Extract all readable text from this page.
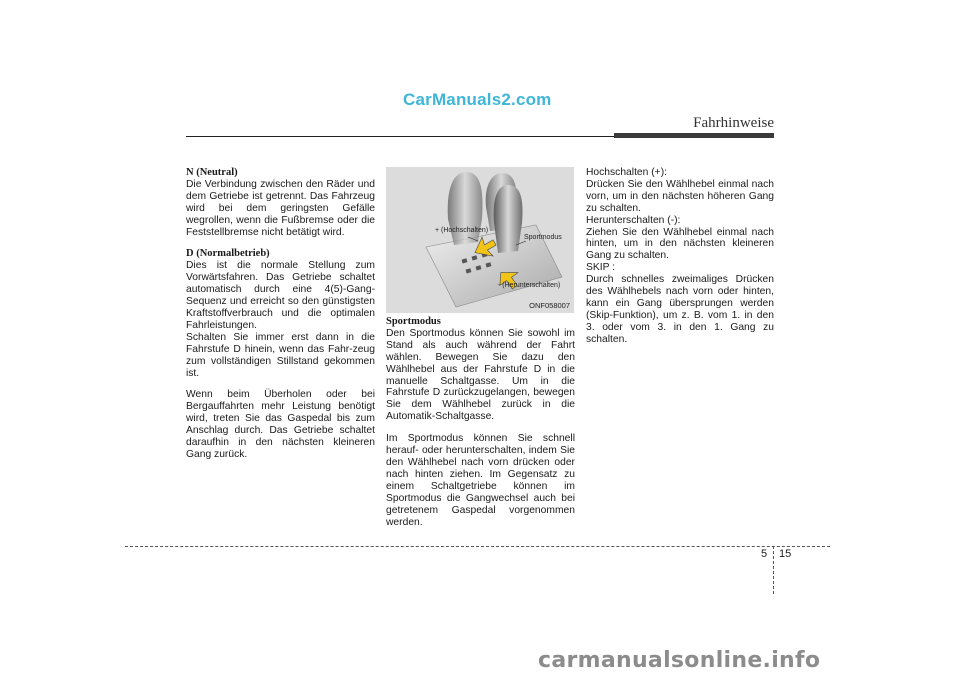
CarManuals2.com
Fahrhinweise

N (Neutral)

Die Verbindung zwischen den Räder und dem Getriebe ist getrennt. Das Fahrzeug wird bei dem geringsten Gefälle wegrollen, wenn die Fußbremse oder die Feststellbremse nicht betätigt wird.

D (Normalbetrieb)

Dies ist die normale Stellung zum Vorwärtsfahren. Das Getriebe schaltet automatisch durch eine 4(5)-Gang-Sequenz und erreicht so den günstigsten Kraftstoffverbrauch und die optimalen Fahrleistungen.

Schalten Sie immer erst dann in die Fahrstufe D hinein, wenn das Fahr-zeug zum vollständigen Stillstand gekommen ist.

Wenn beim Überholen oder bei Bergauffahrten mehr Leistung benötigt wird, treten Sie das Gaspedal bis zum Anschlag durch. Das Getriebe schaltet daraufhin in den nächsten kleineren Gang zurück.

+ (Hochschalten)
Sportmodus
- (Herunterschalten)
ONF058007

Sportmodus

Den Sportmodus können Sie sowohl im Stand als auch während der Fahrt wählen. Bewegen Sie dazu den Wählhebel aus der Fahrstufe D in die manuelle Schaltgasse. Um in die Fahrstufe D zurückzugelangen, bewegen Sie dem Wählhebel zurück in die Automatik-Schaltgasse.

Im Sportmodus können Sie schnell herauf- oder herunterschalten, indem Sie den Wählhebel nach vorn drücken oder nach hinten ziehen. Im Gegensatz zu einem Schaltgetriebe können im Sportmodus die Gangwechsel auch bei getretenem Gaspedal vorgenommen werden.

Hochschalten (+):

Drücken Sie den Wählhebel einmal nach vorn, um in den nächsten höheren Gang zu schalten.

Herunterschalten (-):

Ziehen Sie den Wählhebel einmal nach hinten, um in den nächsten kleineren Gang zu schalten.

SKIP :

Durch schnelles zweimaliges Drücken des Wählhebels nach vorn oder hinten, kann ein Gang übersprungen werden (Skip-Funktion), um z. B. vom 1. in den 3. oder vom 3. in den 1. Gang zu schalten.

5 15
carmanualsonline.info
